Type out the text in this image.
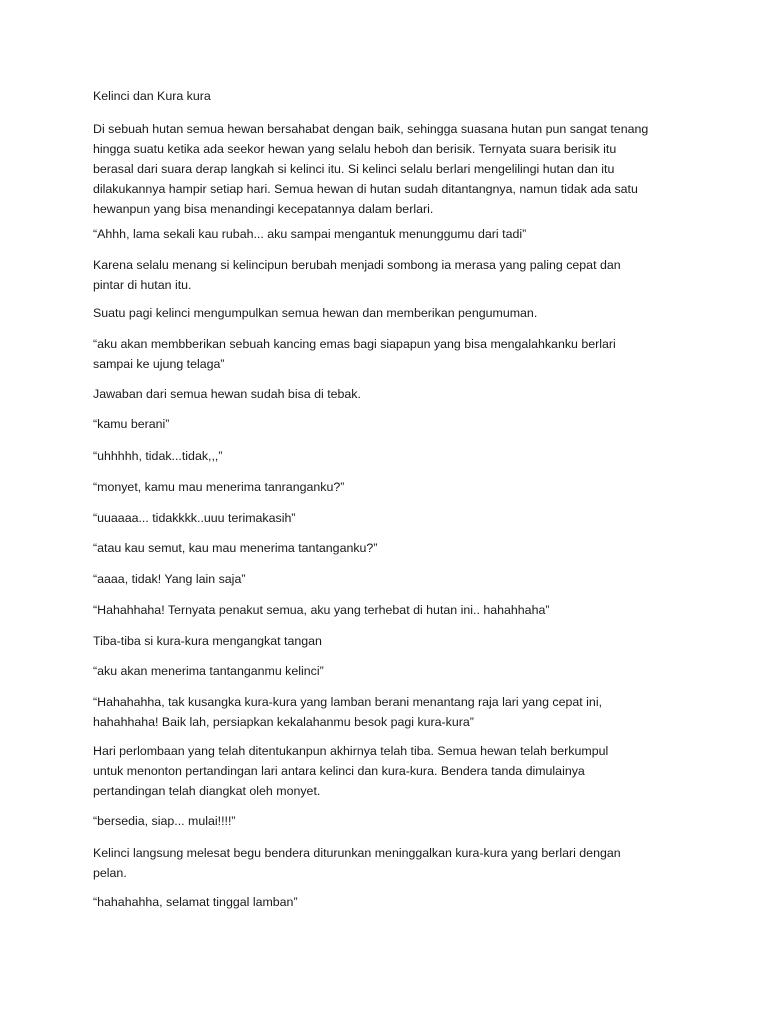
Kelinci dan Kura kura

Di sebuah hutan semua hewan bersahabat dengan baik, sehingga suasana hutan pun sangat tenang
hingga suatu ketika ada seekor hewan yang selalu heboh dan berisik. Ternyata suara berisik itu
berasal dari suara derap langkah si kelinci itu. Si kelinci selalu berlari mengelilingi hutan dan itu
dilakukannya hampir setiap hari. Semua hewan di hutan sudah ditantangnya, namun tidak ada satu
hewanpun yang bisa menandingi kecepatannya dalam berlari.
“Ahhh, lama sekali kau rubah... aku sampai mengantuk menunggumu dari tadi”
Karena selalu menang si kelincipun berubah menjadi sombong ia merasa yang paling cepat dan
pintar di hutan itu.
Suatu pagi kelinci mengumpulkan semua hewan dan memberikan pengumuman.
“aku akan membberikan sebuah kancing emas bagi siapapun yang bisa mengalahkanku berlari
sampai ke ujung telaga”
Jawaban dari semua hewan sudah bisa di tebak.
“kamu berani”
“uhhhhh, tidak...tidak,,,”
“monyet, kamu mau menerima tanranganku?”
“uuaaaa... tidakkkk..uuu terimakasih”
“atau kau semut, kau mau menerima tantanganku?”
“aaaa, tidak! Yang lain saja”
“Hahahhaha! Ternyata penakut semua, aku yang terhebat di hutan ini.. hahahhaha”
Tiba-tiba si kura-kura mengangkat tangan
“aku akan menerima tantanganmu kelinci”
“Hahahahha, tak kusangka kura-kura yang lamban berani menantang raja lari yang cepat ini,
hahahhaha! Baik lah, persiapkan kekalahanmu besok pagi kura-kura”
Hari perlombaan yang telah ditentukanpun akhirnya telah tiba. Semua hewan telah berkumpul
untuk menonton pertandingan lari antara kelinci dan kura-kura. Bendera tanda dimulainya
pertandingan telah diangkat oleh monyet.
“bersedia, siap... mulai!!!!”
Kelinci langsung melesat begu bendera diturunkan meninggalkan kura-kura yang berlari dengan
pelan.
“hahahahha, selamat tinggal lamban”
